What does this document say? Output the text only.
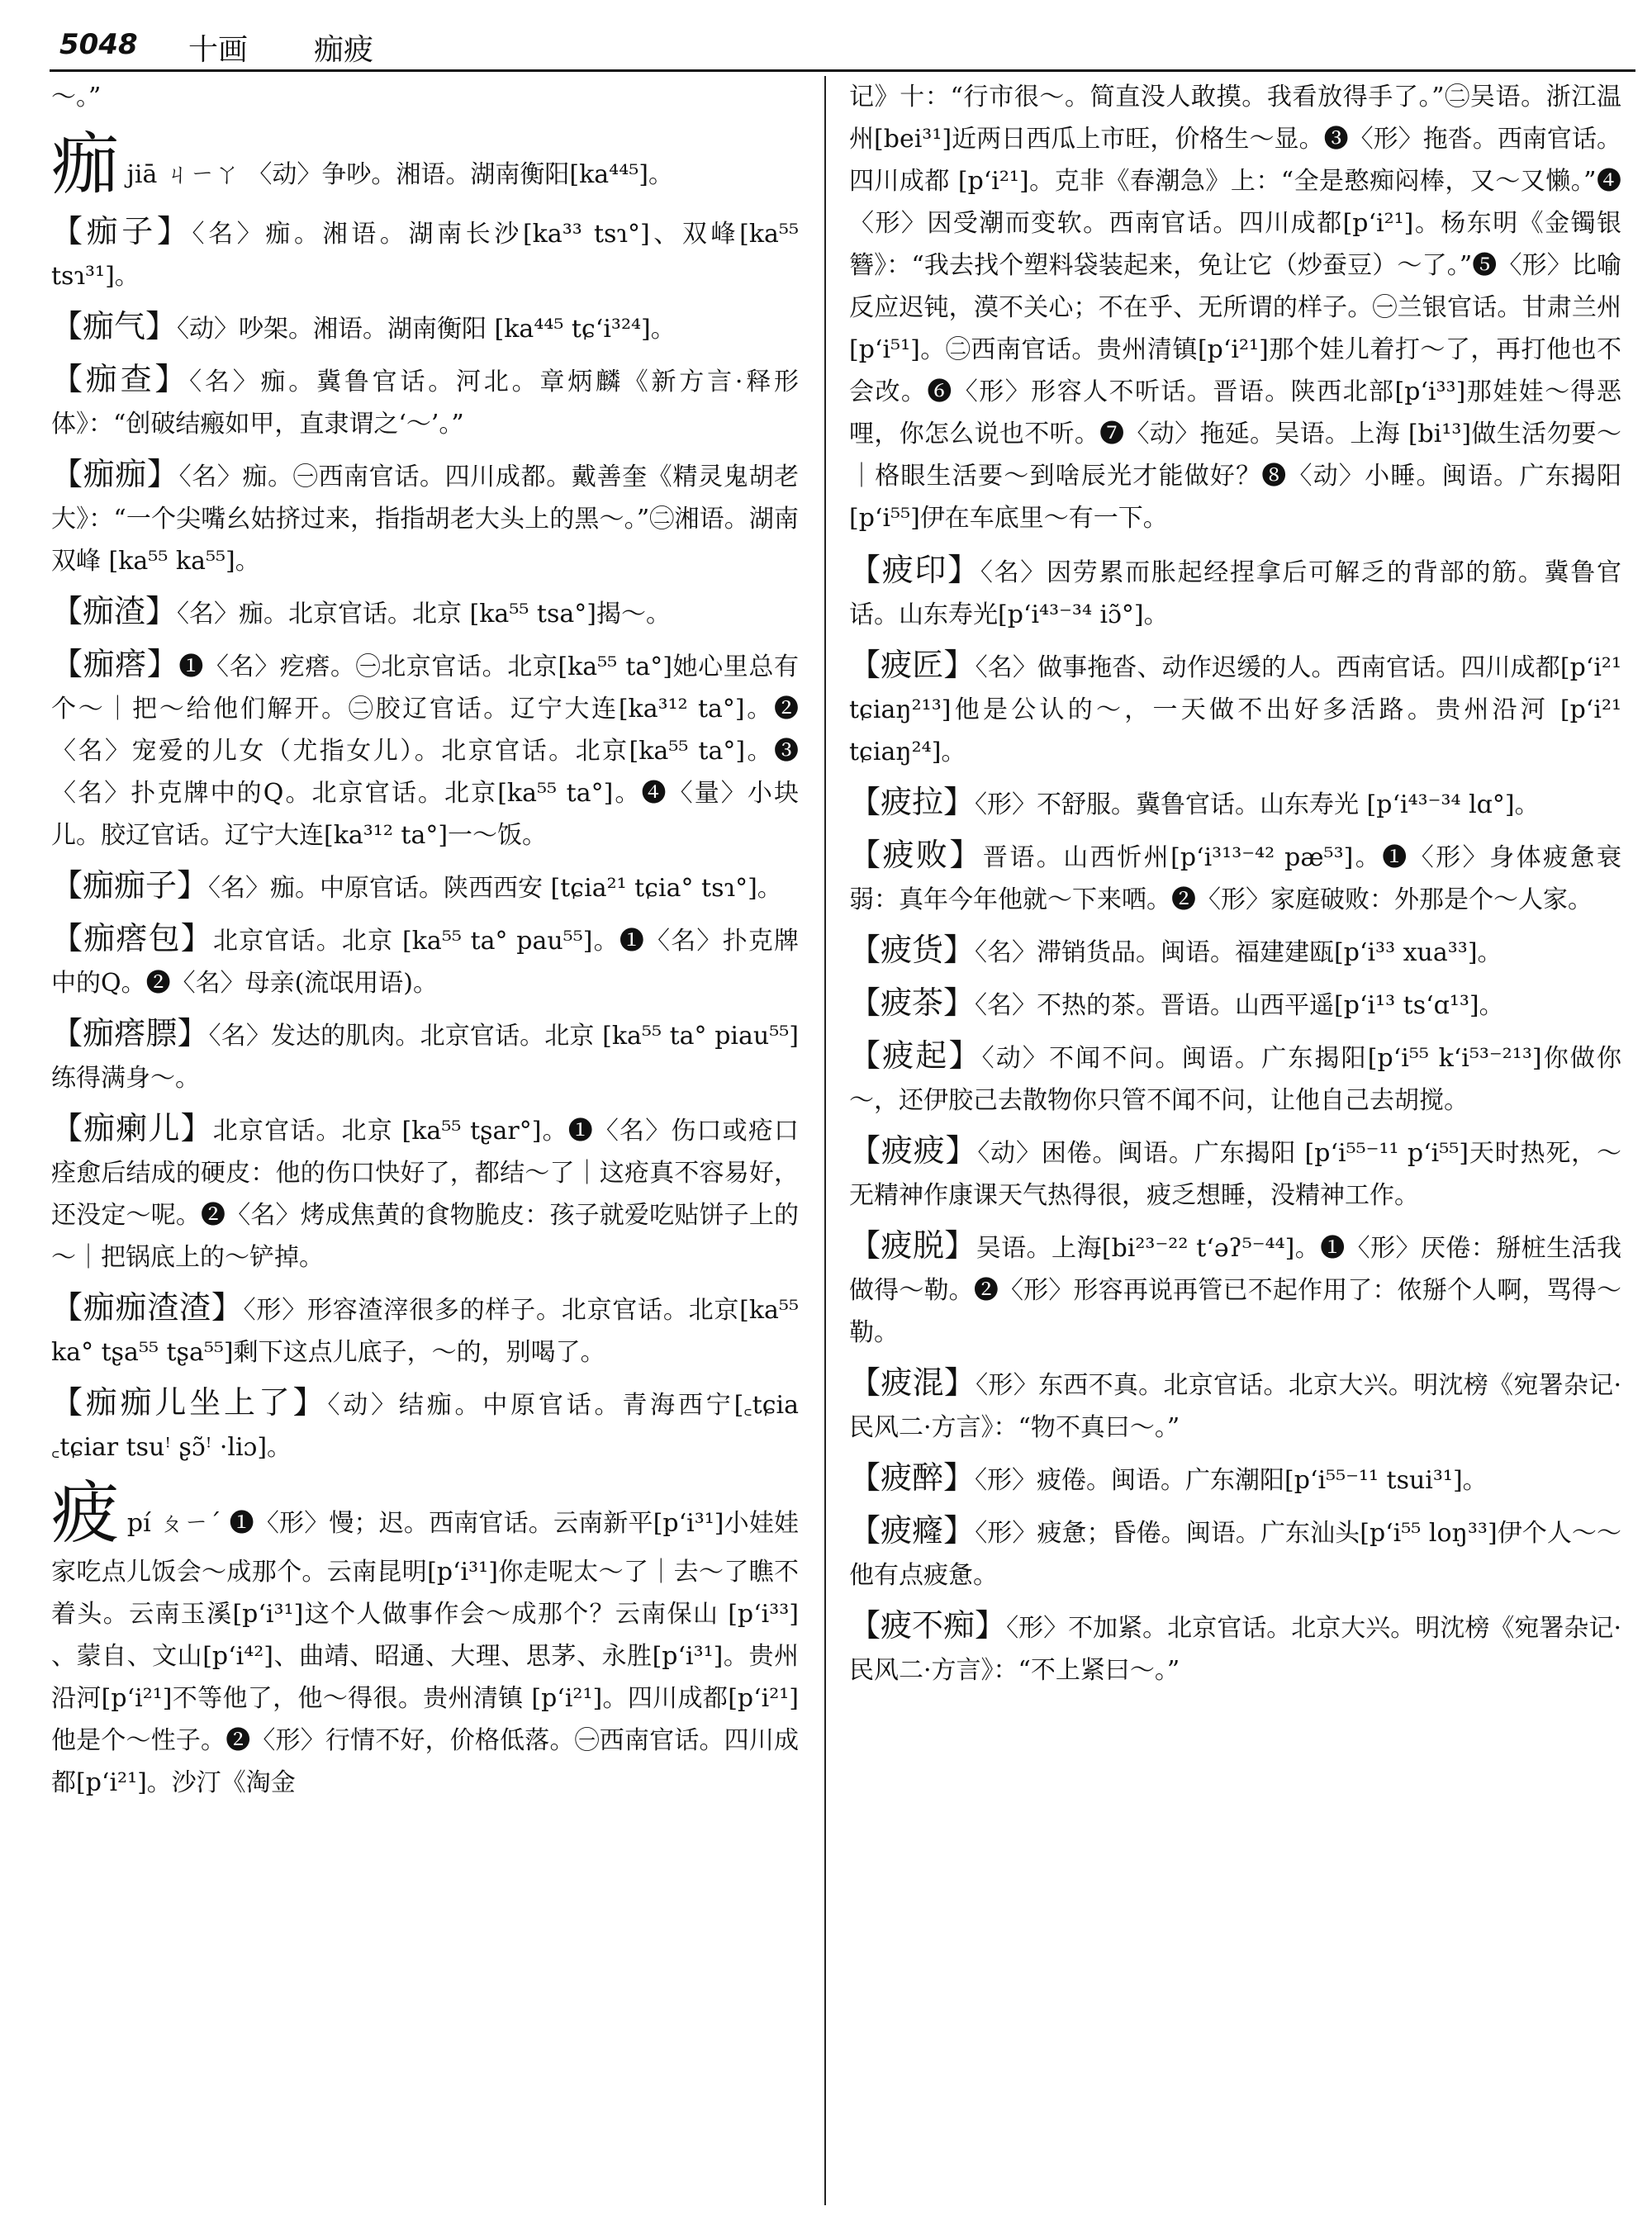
5048 十画 痂疲
～。”
痂 jiā ㄐㄧㄚ 〈动〉争吵。湘语。湖南衡阳[ka⁴⁴⁵]。
【痂子】〈名〉痂。湘语。湖南长沙[ka³³ tsɿ°]、双峰[ka⁵⁵ tsɿ³¹]。
【痂气】〈动〉吵架。湘语。湖南衡阳 [ka⁴⁴⁵ tɕ‘i³²⁴]。
【痂查】〈名〉痂。冀鲁官话。河北。章炳麟《新方言·释形体》：“创破结瘢如甲，直隶谓之‘～’。”
【痂痂】〈名〉痂。㊀西南官话。四川成都。戴善奎《精灵鬼胡老大》：“一个尖嘴幺姑挤过来，指指胡老大头上的黑～。”㊁湘语。湖南双峰 [ka⁵⁵ ka⁵⁵]。
【痂渣】〈名〉痂。北京官话。北京 [ka⁵⁵ tsa°]揭～。
【痂瘩】❶〈名〉疙瘩。㊀北京官话。北京[ka⁵⁵ ta°]她心里总有个～｜把～给他们解开。㊁胶辽官话。辽宁大连[ka³¹² ta°]。❷〈名〉宠爱的儿女（尤指女儿）。北京官话。北京[ka⁵⁵ ta°]。❸〈名〉扑克牌中的Q。北京官话。北京[ka⁵⁵ ta°]。❹〈量〉小块儿。胶辽官话。辽宁大连[ka³¹² ta°]一～饭。
【痂痂子】〈名〉痂。中原官话。陕西西安 [tɕia²¹ tɕia° tsɿ°]。
【痂瘩包】北京官话。北京 [ka⁵⁵ ta° pau⁵⁵]。❶〈名〉扑克牌中的Q。❷〈名〉母亲(流氓用语)。
【痂瘩膘】〈名〉发达的肌肉。北京官话。北京 [ka⁵⁵ ta° piau⁵⁵]练得满身～。
【痂瘌儿】北京官话。北京 [ka⁵⁵ tʂar°]。❶〈名〉伤口或疮口痊愈后结成的硬皮：他的伤口快好了，都结～了｜这疮真不容易好，还没定～呢。❷〈名〉烤成焦黄的食物脆皮：孩子就爱吃贴饼子上的～｜把锅底上的～铲掉。
【痂痂渣渣】〈形〉形容渣滓很多的样子。北京官话。北京[ka⁵⁵ ka° tʂa⁵⁵ tʂa⁵⁵]剩下这点儿底子，～的，别喝了。
【痂痂儿坐上了】〈动〉结痂。中原官话。青海西宁[꜀tɕia ꜀tɕiar tsuꜝ ʂɔ̃ꜝ ·liɔ]。
疲 pí ㄆㄧˊ ❶〈形〉慢；迟。西南官话。云南新平[p‘i³¹]小娃娃家吃点儿饭会～成那个。云南昆明[p‘i³¹]你走呢太～了｜去～了瞧不着头。云南玉溪[p‘i³¹]这个人做事作会～成那个？云南保山 [p‘i³³] 、蒙自、文山[p‘i⁴²]、曲靖、昭通、大理、思茅、永胜[p‘i³¹]。贵州沿河[p‘i²¹]不等他了，他～得很。贵州清镇 [p‘i²¹]。四川成都[p‘i²¹]他是个～性子。❷〈形〉行情不好，价格低落。㊀西南官话。四川成都[p‘i²¹]。沙汀《淘金
记》十：“行市很～。简直没人敢摸。我看放得手了。”㊁吴语。浙江温州[bei³¹]近两日西瓜上市旺，价格生～显。❸〈形〉拖沓。西南官话。四川成都 [p‘i²¹]。克非《春潮急》上：“全是憨痴闷棒，又～又懒。”❹〈形〉因受潮而变软。西南官话。四川成都[p‘i²¹]。杨东明《金镯银簪》：“我去找个塑料袋装起来，免让它（炒蚕豆）～了。”❺〈形〉比喻反应迟钝，漠不关心；不在乎、无所谓的样子。㊀兰银官话。甘肃兰州[p‘i⁵¹]。㊁西南官话。贵州清镇[p‘i²¹]那个娃儿着打～了，再打他也不会改。❻〈形〉形容人不听话。晋语。陕西北部[p‘i³³]那娃娃～得恶哩，你怎么说也不听。❼〈动〉拖延。吴语。上海 [bi¹³]做生活勿要～｜格眼生活要～到啥辰光才能做好？❽〈动〉小睡。闽语。广东揭阳[p‘i⁵⁵]伊在车底里～有一下。
【疲印】〈名〉因劳累而胀起经捏拿后可解乏的背部的筋。冀鲁官话。山东寿光[p‘i⁴³⁻³⁴ iɔ̃°]。
【疲匠】〈名〉做事拖沓、动作迟缓的人。西南官话。四川成都[p‘i²¹ tɕiaŋ²¹³]他是公认的～，一天做不出好多活路。贵州沿河 [p‘i²¹ tɕiaŋ²⁴]。
【疲拉】〈形〉不舒服。冀鲁官话。山东寿光 [p‘i⁴³⁻³⁴ lɑ°]。
【疲败】晋语。山西忻州[p‘i³¹³⁻⁴² pæ⁵³]。❶〈形〉身体疲惫衰弱：真年今年他就～下来哂。❷〈形〉家庭破败：外那是个～人家。
【疲货】〈名〉滞销货品。闽语。福建建瓯[p‘i³³ xua³³]。
【疲茶】〈名〉不热的茶。晋语。山西平遥[p‘i¹³ ts‘ɑ¹³]。
【疲起】〈动〉不闻不问。闽语。广东揭阳[p‘i⁵⁵ k‘i⁵³⁻²¹³]你做你～，还伊胶己去散物你只管不闻不问，让他自己去胡搅。
【疲疲】〈动〉困倦。闽语。广东揭阳 [p‘i⁵⁵⁻¹¹ p‘i⁵⁵]天时热死，～无精神作康课天气热得很，疲乏想睡，没精神工作。
【疲脱】吴语。上海[bi²³⁻²² t‘əʔ⁵⁻⁴⁴]。❶〈形〉厌倦：掰桩生活我做得～勒。❷〈形〉形容再说再管已不起作用了：侬掰个人啊，骂得～勒。
【疲混】〈形〉东西不真。北京官话。北京大兴。明沈榜《宛署杂记·民风二·方言》：“物不真曰～。”
【疲醉】〈形〉疲倦。闽语。广东潮阳[p‘i⁵⁵⁻¹¹ tsui³¹]。
【疲癃】〈形〉疲惫；昏倦。闽语。广东汕头[p‘i⁵⁵ loŋ³³]伊个人～～他有点疲惫。
【疲不痴】〈形〉不加紧。北京官话。北京大兴。明沈榜《宛署杂记·民风二·方言》：“不上紧曰～。”
